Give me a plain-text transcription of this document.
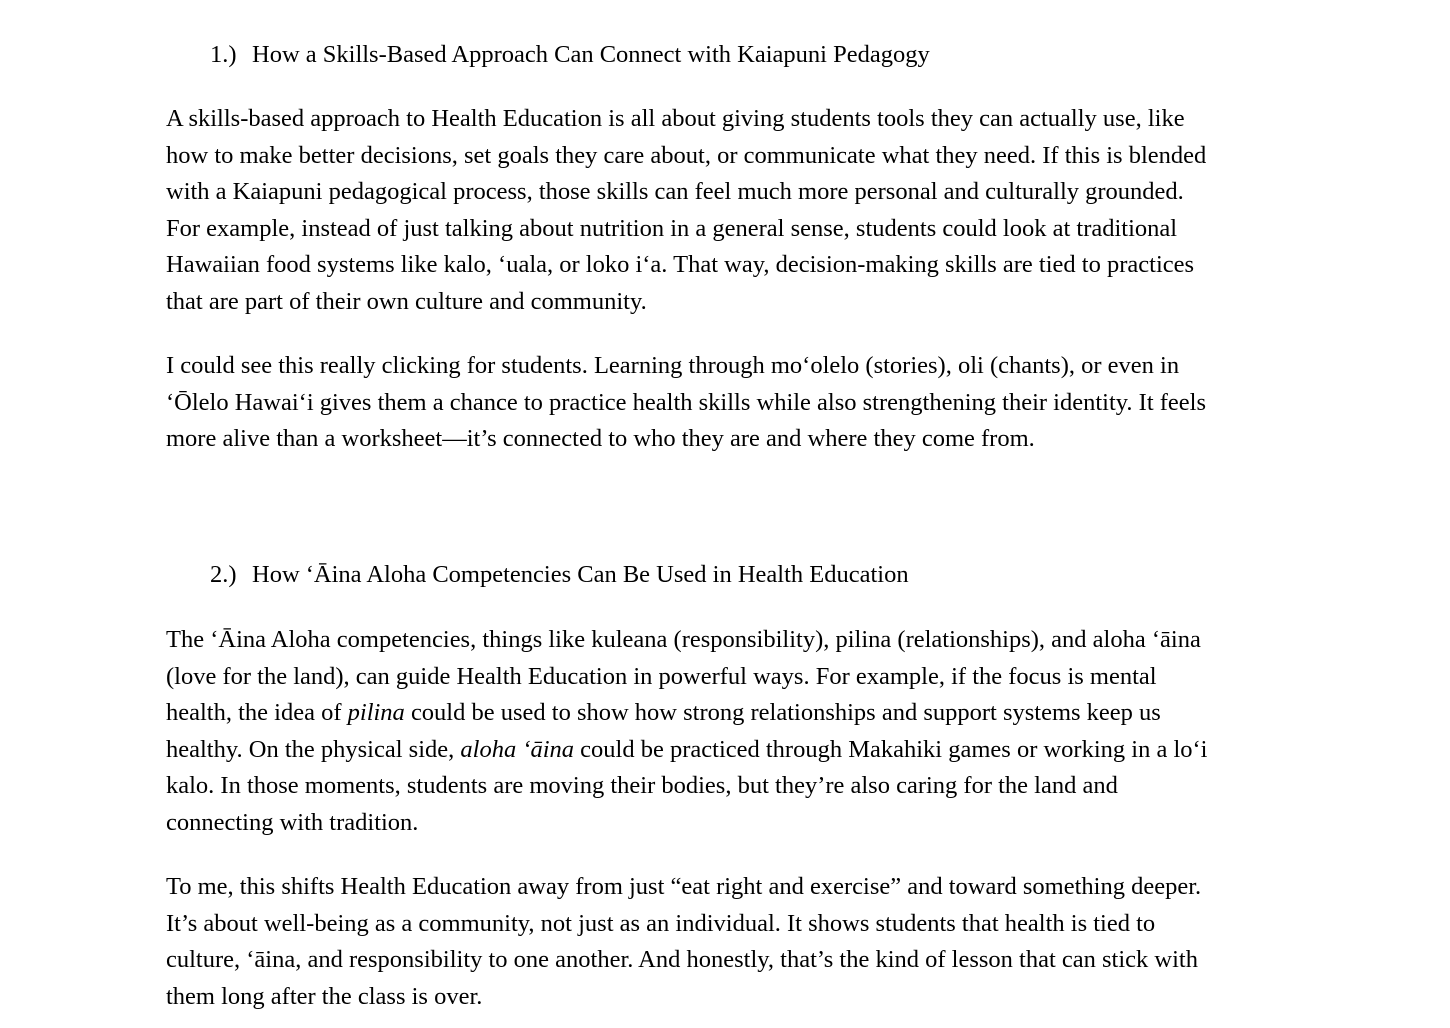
1.) How a Skills-Based Approach Can Connect with Kaiapuni Pedagogy

A skills-based approach to Health Education is all about giving students tools they can actually use, like
how to make better decisions, set goals they care about, or communicate what they need. If this is blended
with a Kaiapuni pedagogical process, those skills can feel much more personal and culturally grounded.
For example, instead of just talking about nutrition in a general sense, students could look at traditional
Hawaiian food systems like kalo, ‘uala, or loko i‘a. That way, decision-making skills are tied to practices
that are part of their own culture and community.

I could see this really clicking for students. Learning through mo‘olelo (stories), oli (chants), or even in
‘Ōlelo Hawai‘i gives them a chance to practice health skills while also strengthening their identity. It feels
more alive than a worksheet—it’s connected to who they are and where they come from.

2.) How ‘Āina Aloha Competencies Can Be Used in Health Education

The ‘Āina Aloha competencies, things like kuleana (responsibility), pilina (relationships), and aloha ‘āina
(love for the land), can guide Health Education in powerful ways. For example, if the focus is mental
health, the idea of pilina could be used to show how strong relationships and support systems keep us
healthy. On the physical side, aloha ‘āina could be practiced through Makahiki games or working in a lo‘i
kalo. In those moments, students are moving their bodies, but they’re also caring for the land and
connecting with tradition.

To me, this shifts Health Education away from just “eat right and exercise” and toward something deeper.
It’s about well-being as a community, not just as an individual. It shows students that health is tied to
culture, ‘āina, and responsibility to one another. And honestly, that’s the kind of lesson that can stick with
them long after the class is over.
